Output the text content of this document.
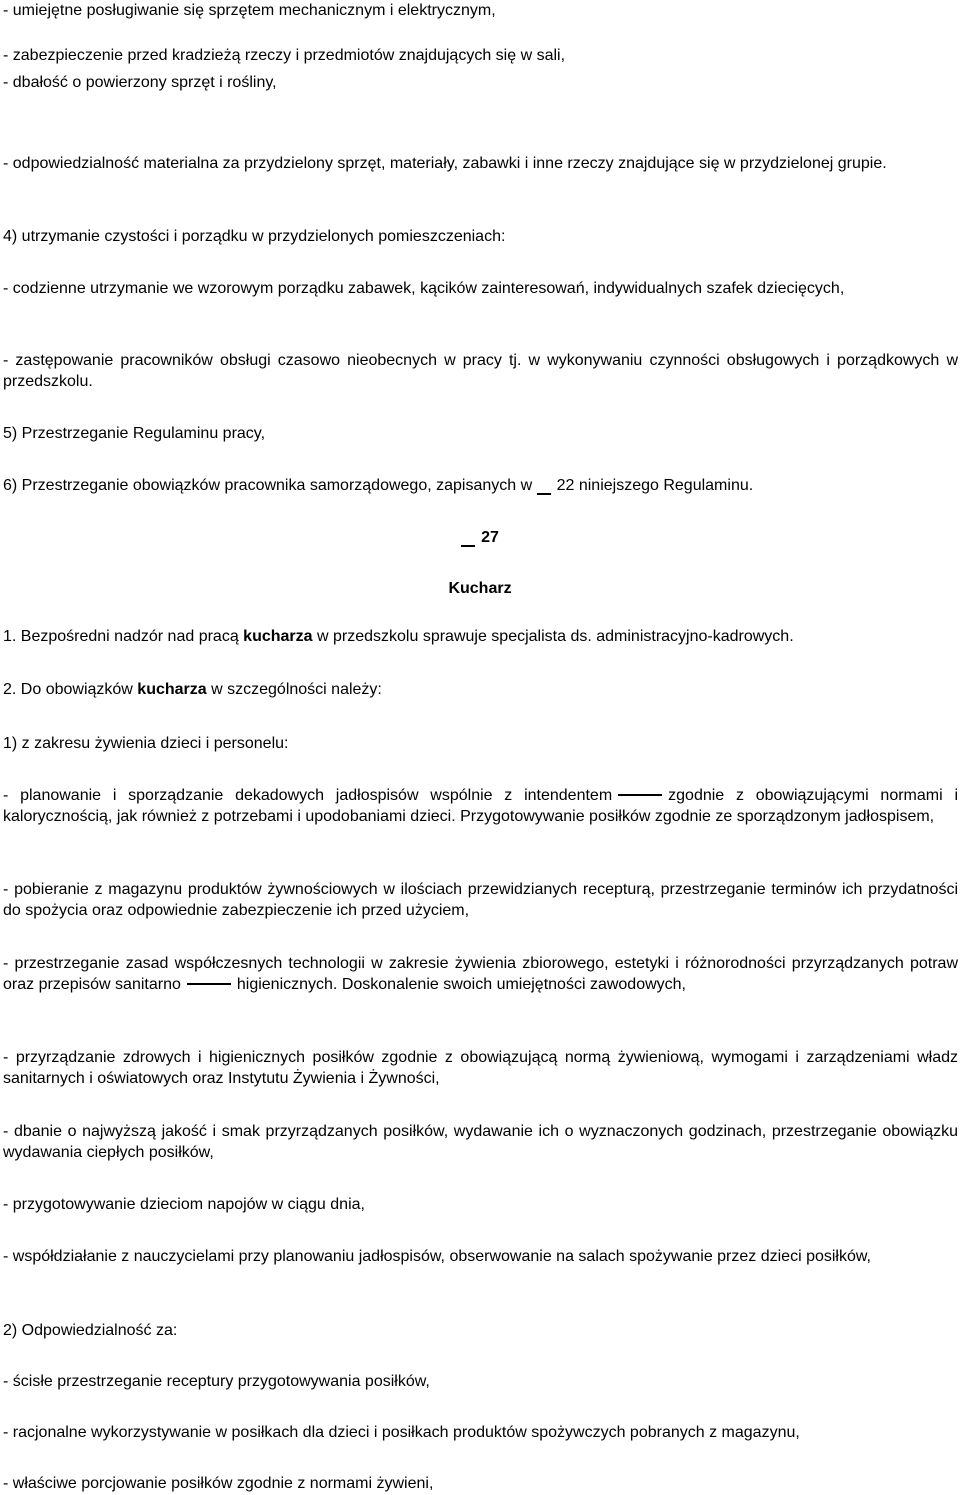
- umiejętne posługiwanie się sprzętem mechanicznym i elektrycznym,

- zabezpieczenie przed kradzieżą rzeczy i przedmiotów znajdujących się w sali,

- dbałość o powierzony sprzęt i rośliny,

- odpowiedzialność materialna za przydzielony sprzęt, materiały, zabawki i inne rzeczy znajdujące się w przydzielonej grupie.

4) utrzymanie czystości i porządku w przydzielonych pomieszczeniach:

- codzienne utrzymanie we wzorowym porządku zabawek, kącików zainteresowań, indywidualnych szafek dziecięcych,

- zastępowanie pracowników obsługi czasowo nieobecnych w pracy tj. w wykonywaniu czynności obsługowych i porządkowych w przedszkolu.

5) Przestrzeganie Regulaminu pracy,

6) Przestrzeganie obowiązków pracownika samorządowego, zapisanych w 22 niniejszego Regulaminu.

27

Kucharz

1. Bezpośredni nadzór nad pracą kucharza w przedszkolu sprawuje specjalista ds. administracyjno-kadrowych.

2. Do obowiązków kucharza w szczególności należy:

1) z zakresu żywienia dzieci i personelu:

- planowanie i sporządzanie dekadowych jadłospisów wspólnie z intendentem	zgodnie z obowiązującymi normami i kalorycznością, jak również z potrzebami i upodobaniami dzieci. Przygotowywanie posiłków zgodnie ze sporządzonym jadłospisem,

- pobieranie z magazynu produktów żywnościowych w ilościach przewidzianych recepturą, przestrzeganie terminów ich przydatności do spożycia oraz odpowiednie zabezpieczenie ich przed użyciem,

- przestrzeganie zasad współczesnych technologii w zakresie żywienia zbiorowego, estetyki i różnorodności przyrządzanych potraw oraz przepisów sanitarno	higienicznych. Doskonalenie swoich umiejętności zawodowych,

- przyrządzanie zdrowych i higienicznych posiłków zgodnie z obowiązującą normą żywieniową, wymogami i zarządzeniami władz sanitarnych i oświatowych oraz Instytutu Żywienia i Żywności,

- dbanie o najwyższą jakość i smak przyrządzanych posiłków, wydawanie ich o wyznaczonych godzinach, przestrzeganie obowiązku wydawania ciepłych posiłków,

- przygotowywanie dzieciom napojów w ciągu dnia,

- współdziałanie z nauczycielami przy planowaniu jadłospisów, obserwowanie na salach spożywanie przez dzieci posiłków,

2) Odpowiedzialność za:

- ścisłe przestrzeganie receptury przygotowywania posiłków,

- racjonalne wykorzystywanie w posiłkach dla dzieci i posiłkach produktów spożywczych pobranych z magazynu,

- właściwe porcjowanie posiłków zgodnie z normami żywieni,
